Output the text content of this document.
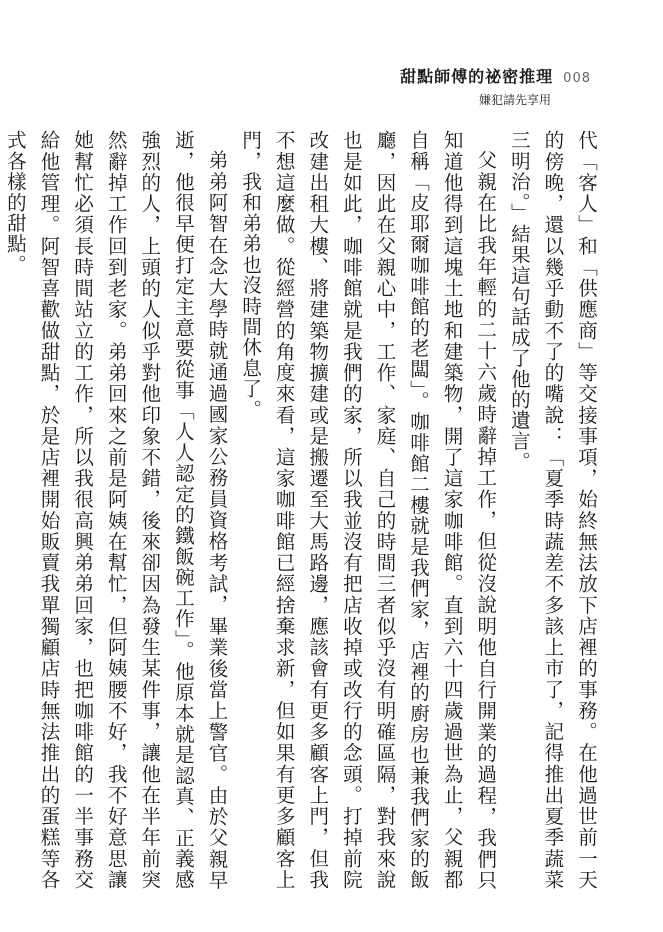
甜點師傅的祕密推理 008
嫌犯請先享用

代「客人」和「供應商」等交接事項，始終無法放下店裡的事務。在他過世前一天的傍晚，還以幾乎動不了的嘴說：「夏季時蔬差不多該上市了，記得推出夏季蔬菜三明治。」結果這句話成了他的遺言。

父親在比我年輕的二十六歲時辭掉工作，但從沒說明他自行開業的過程，我們只知道他得到這塊土地和建築物，開了這家咖啡館。直到六十四歲過世為止，父親都自稱「皮耶爾咖啡館的老闆」。咖啡館二樓就是我們家，店裡的廚房也兼我們家的飯廳，因此在父親心中，工作、家庭、自己的時間三者似乎沒有明確區隔，對我來說也是如此，咖啡館就是我們的家，所以我並沒有把店收掉或改行的念頭。打掉前院改建出租大樓、將建築物擴建或是搬遷至大馬路邊，應該會有更多顧客上門，但我不想這麼做。從經營的角度來看，這家咖啡館已經捨棄求新，但如果有更多顧客上門，我和弟弟也沒時間休息了。

弟弟阿智在念大學時就通過國家公務員資格考試，畢業後當上警官。由於父親早逝，他很早便打定主意要從事「人人認定的鐵飯碗工作」。他原本就是認真、正義感強烈的人，上頭的人似乎對他印象不錯，後來卻因為發生某件事，讓他在半年前突然辭掉工作回到老家。弟弟回來之前是阿姨在幫忙，但阿姨腰不好，我不好意思讓她幫忙必須長時間站立的工作，所以我很高興弟弟回家，也把咖啡館的一半事務交給他管理。阿智喜歡做甜點，於是店裡開始販賣我單獨顧店時無法推出的蛋糕等各式各樣的甜點。
